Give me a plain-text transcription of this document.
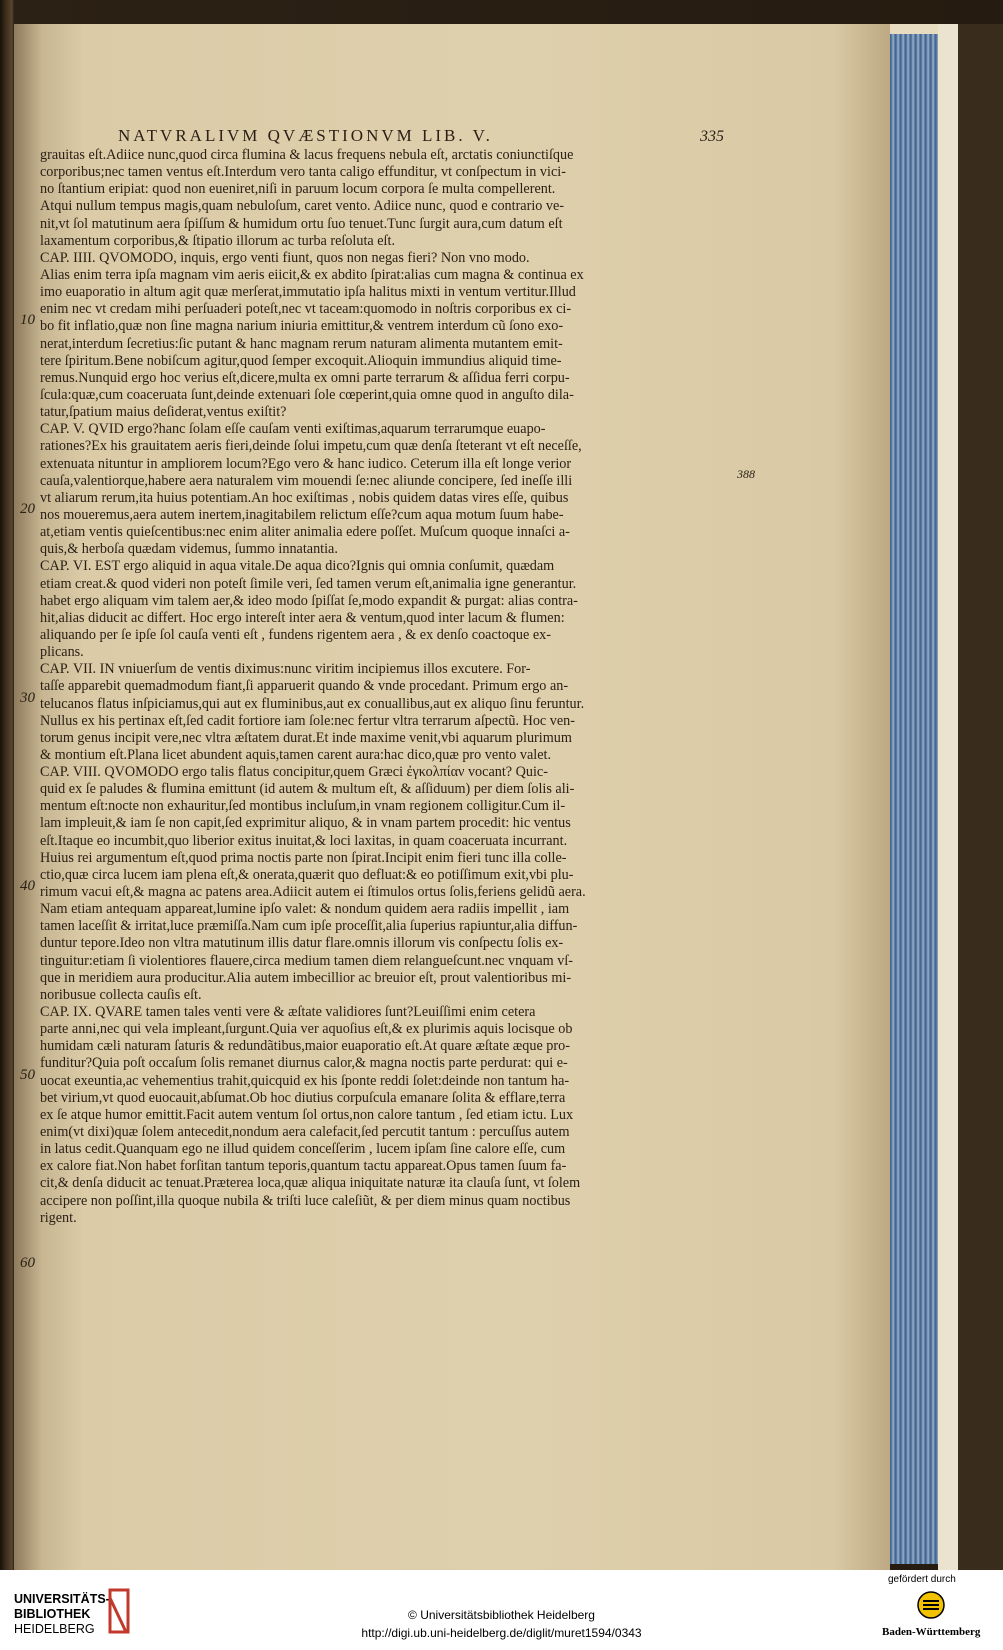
NATVRALIVM QVÆSTIONVM LIB. V.	335
10
20
30
40
50
60
388
grauitas eſt.Adiice nunc,quod circa flumina & lacus frequens nebula eſt, arctatis coniunctiſque
corporibus;nec tamen ventus eſt.Interdum vero tanta caligo effunditur, vt conſpectum in vici-
no ſtantium eripiat: quod non eueniret,niſi in paruum locum corpora ſe multa compellerent.
Atqui nullum tempus magis,quam nebuloſum, caret vento. Adiice nunc, quod e contrario ve-
nit,vt ſol matutinum aera ſpiſſum & humidum ortu ſuo tenuet.Tunc ſurgit aura,cum datum eſt
laxamentum corporibus,& ſtipatio illorum ac turba reſoluta eſt.
CAP. IIII. QVOMODO, inquis, ergo venti fiunt, quos non negas fieri? Non vno modo.
Alias enim terra ipſa magnam vim aeris eiicit,& ex abdito ſpirat:alias cum magna & continua ex
imo euaporatio in altum agit quæ merſerat,immutatio ipſa halitus mixti in ventum vertitur.Illud
enim nec vt credam mihi perſuaderi poteſt,nec vt taceam:quomodo in noſtris corporibus ex ci-
bo fit inflatio,quæ non ſine magna narium iniuria emittitur,& ventrem interdum cũ ſono exo-
nerat,interdum ſecretius:ſic putant & hanc magnam rerum naturam alimenta mutantem emit-
tere ſpiritum.Bene nobiſcum agitur,quod ſemper excoquit.Alioquin immundius aliquid time-
remus.Nunquid ergo hoc verius eſt,dicere,multa ex omni parte terrarum & aſſidua ferri corpu-
ſcula:quæ,cum coaceruata ſunt,deinde extenuari ſole cœperint,quia omne quod in anguſto dila-
tatur,ſpatium maius deſiderat,ventus exiſtit?
CAP. V. QVID ergo?hanc ſolam eſſe cauſam venti exiſtimas,aquarum terrarumque euapo-
rationes?Ex his grauitatem aeris fieri,deinde ſolui impetu,cum quæ denſa ſteterant vt eſt neceſſe,
extenuata nituntur in ampliorem locum?Ego vero & hanc iudico. Ceterum illa eſt longe verior
cauſa,valentiorque,habere aera naturalem vim mouendi ſe:nec aliunde concipere, ſed ineſſe illi
vt aliarum rerum,ita huius potentiam.An hoc exiſtimas , nobis quidem datas vires eſſe, quibus
nos moueremus,aera autem inertem,inagitabilem relictum eſſe?cum aqua motum ſuum habe-
at,etiam ventis quieſcentibus:nec enim aliter animalia edere poſſet. Muſcum quoque innaſci a-
quis,& herboſa quædam videmus, ſummo innatantia.
CAP. VI. EST ergo aliquid in aqua vitale.De aqua dico?Ignis qui omnia conſumit, quædam
etiam creat.& quod videri non poteſt ſimile veri, ſed tamen verum eſt,animalia igne generantur.
habet ergo aliquam vim talem aer,& ideo modo ſpiſſat ſe,modo expandit & purgat: alias contra-
hit,alias diducit ac differt. Hoc ergo intereſt inter aera & ventum,quod inter lacum & flumen:
aliquando per ſe ipſe ſol cauſa venti eſt , fundens rigentem aera , & ex denſo coactoque ex-
plicans.
CAP. VII. IN vniuerſum de ventis diximus:nunc viritim incipiemus illos excutere. For-
taſſe apparebit quemadmodum fiant,ſi apparuerit quando & vnde procedant. Primum ergo an-
telucanos flatus inſpiciamus,qui aut ex fluminibus,aut ex conuallibus,aut ex aliquo ſinu feruntur.
Nullus ex his pertinax eſt,ſed cadit fortiore iam ſole:nec fertur vltra terrarum aſpectũ. Hoc ven-
torum genus incipit vere,nec vltra æſtatem durat.Et inde maxime venit,vbi aquarum plurimum
& montium eſt.Plana licet abundent aquis,tamen carent aura:hac dico,quæ pro vento valet.
CAP. VIII. QVOMODO ergo talis flatus concipitur,quem Græci ἐγκολπίαν vocant? Quic-
quid ex ſe paludes & flumina emittunt (id autem & multum eſt, & aſſiduum) per diem ſolis ali-
mentum eſt:nocte non exhauritur,ſed montibus incluſum,in vnam regionem colligitur.Cum il-
lam impleuit,& iam ſe non capit,ſed exprimitur aliquo, & in vnam partem procedit: hic ventus
eſt.Itaque eo incumbit,quo liberior exitus inuitat,& loci laxitas, in quam coaceruata incurrant.
Huius rei argumentum eſt,quod prima noctis parte non ſpirat.Incipit enim fieri tunc illa colle-
ctio,quæ circa lucem iam plena eſt,& onerata,quærit quo defluat:& eo potiſſimum exit,vbi plu-
rimum vacui eſt,& magna ac patens area.Adiicit autem ei ſtimulos ortus ſolis,feriens gelidũ aera.
Nam etiam antequam appareat,lumine ipſo valet: & nondum quidem aera radiis impellit , iam
tamen laceſſit & irritat,luce præmiſſa.Nam cum ipſe proceſſit,alia ſuperius rapiuntur,alia diffun-
duntur tepore.Ideo non vltra matutinum illis datur flare.omnis illorum vis conſpectu ſolis ex-
tinguitur:etiam ſi violentiores flauere,circa medium tamen diem relangueſcunt.nec vnquam vſ-
que in meridiem aura producitur.Alia autem imbecillior ac breuior eſt, prout valentioribus mi-
noribusue collecta cauſis eſt.
CAP. IX. QVARE tamen tales venti vere & æſtate validiores ſunt?Leuiſſimi enim cetera
parte anni,nec qui vela impleant,ſurgunt.Quia ver aquoſius eſt,& ex plurimis aquis locisque ob
humidam cæli naturam ſaturis & redundãtibus,maior euaporatio eſt.At quare æſtate æque pro-
funditur?Quia poſt occaſum ſolis remanet diurnus calor,& magna noctis parte perdurat: qui e-
uocat exeuntia,ac vehementius trahit,quicquid ex his ſponte reddi ſolet:deinde non tantum ha-
bet virium,vt quod euocauit,abſumat.Ob hoc diutius corpuſcula emanare ſolita & efflare,terra
ex ſe atque humor emittit.Facit autem ventum ſol ortus,non calore tantum , ſed etiam ictu. Lux
enim(vt dixi)quæ ſolem antecedit,nondum aera calefacit,ſed percutit tantum : percuſſus autem
in latus cedit.Quanquam ego ne illud quidem conceſſerim , lucem ipſam ſine calore eſſe, cum
ex calore fiat.Non habet forſitan tantum teporis,quantum tactu appareat.Opus tamen ſuum fa-
cit,& denſa diducit ac tenuat.Præterea loca,quæ aliqua iniquitate naturæ ita clauſa ſunt, vt ſolem
accipere non poſſint,illa quoque nubila & triſti luce caleſiũt, & per diem minus quam noctibus
rigent.
UNIVERSITÄTS-
BIBLIOTHEK
HEIDELBERG
© Universitätsbibliothek Heidelberg
http://digi.ub.uni-heidelberg.de/diglit/muret1594/0343
gefördert durch
Baden-Württemberg
